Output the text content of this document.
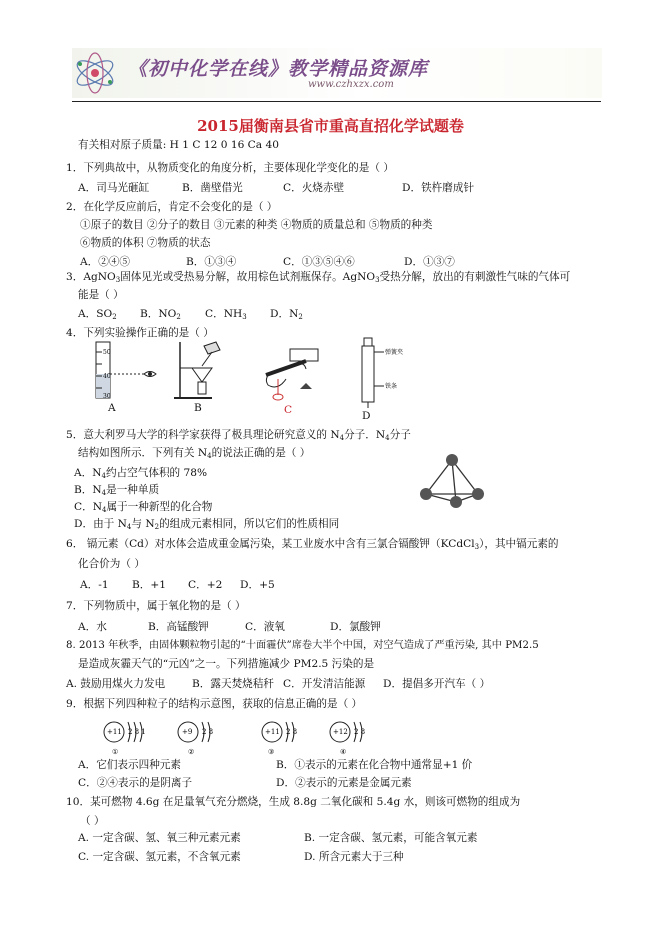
《初中化学在线》教学精品资源库
www.czhxzx.com
2015届衡南县省市重高直招化学试题卷
有关相对原子质量: H 1 C 12 0 16 Ca 40
1．下列典故中，从物质变化的角度分析，主要体现化学变化的是（ ）
A．司马光砸缸	B．凿壁借光	C．火烧赤壁	D．铁杵磨成针
2．在化学反应前后，肯定不会变化的是（ ）
①原子的数目 ②分子的数目 ③元素的种类 ④物质的质量总和 ⑤物质的种类
⑥物质的体积 ⑦物质的状态
A．②④⑤	B．①③④	C．①③⑤④⑥	D．①③⑦
3．AgNO$_3$固体见光或受热易分解，故用棕色试剂瓶保存。AgNO$_3$受热分解，放出的有刺激性气味的气体可
能是（ ）
A．$SO_2$ B．$NO_2$ C．$NH_3$ D．$N_2$
4．下列实验操作正确的是（ ）
50
40
30
A	B	C
弹簧夹
铁条
D
5．意大利罗马大学的科学家获得了极具理论研究意义的 $N_4$分子．$N_4$分子
结构如图所示．下列有关 $N_4$的说法正确的是（ ）
A．$N_4$约占空气体积的 78%
B．$N_4$是一种单质
C．$N_4$属于一种新型的化合物
D．由于 $N_4$与 $N_2$的组成元素相同，所以它们的性质相同
6． 镉元素（Cd）对水体会造成重金属污染，某工业废水中含有三氯合镉酸钾（KCdCl$_3$），其中镉元素的
化合价为（ ）
A．-1 B．+1 C．+2 D．+5
7．下列物质中，属于氧化物的是（ ）
A．水	B．高锰酸钾	C．液氧	D．氯酸钾
8. 2013 年秋季，由固体颗粒物引起的“十面霾伏”席卷大半个中国，对空气造成了严重污染, 其中 PM2.5
是造成灰霾天气的“元凶”之一。下列措施减少 PM2.5 污染的是
A. 鼓励用煤火力发电	B．露天焚烧秸秆 C．开发清洁能源 D．提倡多开汽车（ ）
9．根据下列四种粒子的结构示意图，获取的信息正确的是（ ）
+11 2 8 1
①
+9 2 8
②
+11 2 8
③
+12 2 8
④
A．它们表示四种元素	B．①表示的元素在化合物中通常显+1 价
C．②④表示的是阴离子	D．②表示的元素是金属元素
10．某可燃物 4.6g 在足量氧气充分燃烧，生成 8.8g 二氧化碳和 5.4g 水，则该可燃物的组成为
（ ）
A. 一定含碳、氢、氧三种元素元素	B. 一定含碳、氢元素，可能含氧元素
C. 一定含碳、氢元素，不含氧元素	D. 所含元素大于三种
